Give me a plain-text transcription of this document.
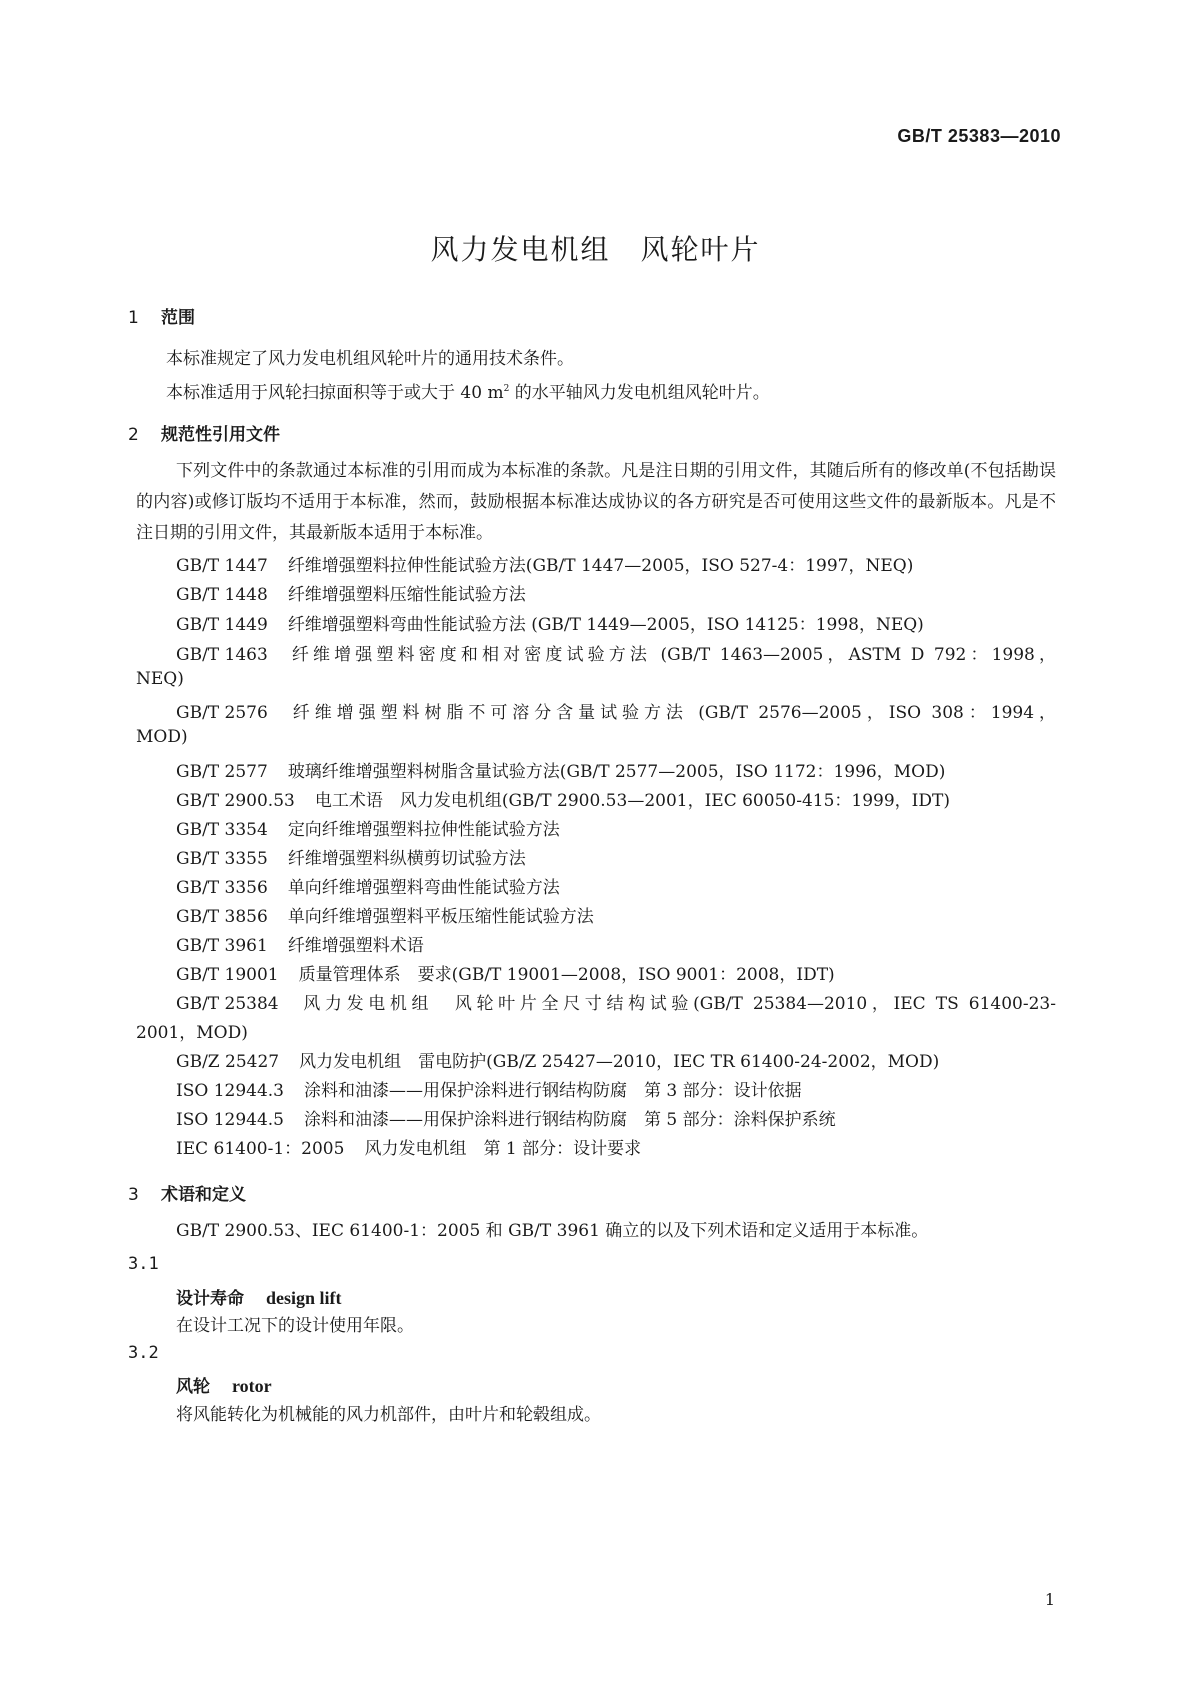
GB/T 25383—2010
风力发电机组　风轮叶片
1 范围
本标准规定了风力发电机组风轮叶片的通用技术条件。
本标准适用于风轮扫掠面积等于或大于 40 $m^2$ 的水平轴风力发电机组风轮叶片。
2 规范性引用文件
下列文件中的条款通过本标准的引用而成为本标准的条款。凡是注日期的引用文件，其随后所有的修改单(不包括勘误的内容)或修订版均不适用于本标准，然而，鼓励根据本标准达成协议的各方研究是否可使用这些文件的最新版本。凡是不注日期的引用文件，其最新版本适用于本标准。
GB/T 1447 纤维增强塑料拉伸性能试验方法(GB/T 1447—2005，ISO 527-4：1997，NEQ)
GB/T 1448 纤维增强塑料压缩性能试验方法
GB/T 1449 纤维增强塑料弯曲性能试验方法 (GB/T 1449—2005，ISO 14125：1998，NEQ)
GB/T 1463 纤维增强塑料密度和相对密度试验方法 (GB/T 1463—2005，ASTM D 792：1998，
NEQ)
GB/T 2576 纤维增强塑料树脂不可溶分含量试验方法 (GB/T 2576—2005，ISO 308：1994，
MOD)
GB/T 2577 玻璃纤维增强塑料树脂含量试验方法(GB/T 2577—2005，ISO 1172：1996，MOD)
GB/T 2900.53 电工术语　风力发电机组(GB/T 2900.53—2001，IEC 60050-415：1999，IDT)
GB/T 3354 定向纤维增强塑料拉伸性能试验方法
GB/T 3355 纤维增强塑料纵横剪切试验方法
GB/T 3356 单向纤维增强塑料弯曲性能试验方法
GB/T 3856 单向纤维增强塑料平板压缩性能试验方法
GB/T 3961 纤维增强塑料术语
GB/T 19001 质量管理体系　要求(GB/T 19001—2008，ISO 9001：2008，IDT)
GB/T 25384 风力发电机组　风轮叶片全尺寸结构试验(GB/T 25384—2010，IEC TS 61400-23-
2001，MOD)
GB/Z 25427 风力发电机组　雷电防护(GB/Z 25427—2010，IEC TR 61400-24-2002，MOD)
ISO 12944.3 涂料和油漆——用保护涂料进行钢结构防腐　第 3 部分：设计依据
ISO 12944.5 涂料和油漆——用保护涂料进行钢结构防腐　第 5 部分：涂料保护系统
IEC 61400-1：2005 风力发电机组　第 1 部分：设计要求
3 术语和定义
GB/T 2900.53、IEC 61400-1：2005 和 GB/T 3961 确立的以及下列术语和定义适用于本标准。
3.1
设计寿命 design lift
在设计工况下的设计使用年限。
3.2
风轮 rotor
将风能转化为机械能的风力机部件，由叶片和轮毂组成。
1
